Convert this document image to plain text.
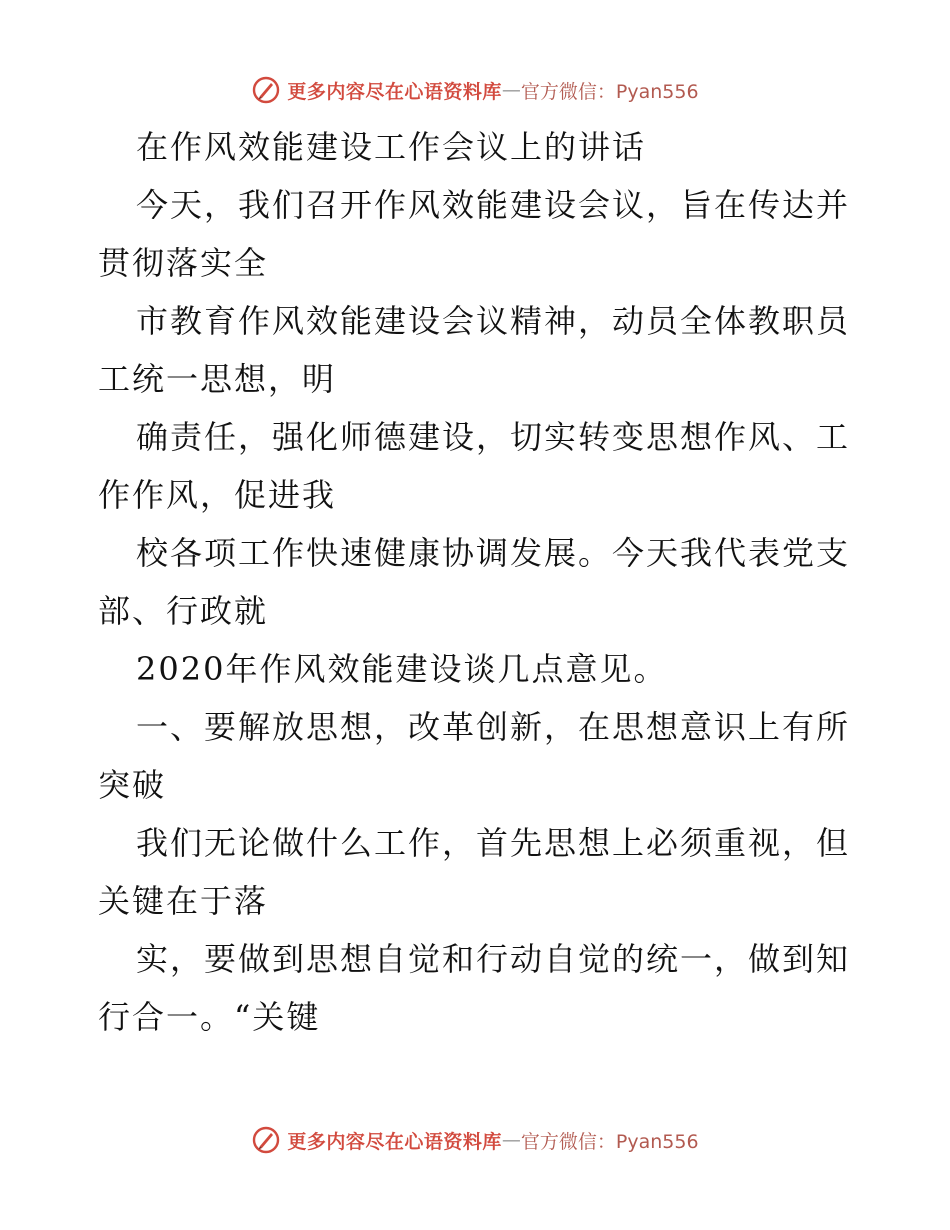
更多内容尽在心语资料库 — 官方微信：Pyan556
在作风效能建设工作会议上的讲话
今天，我们召开作风效能建设会议，旨在传达并
贯彻落实全
市教育作风效能建设会议精神，动员全体教职员
工统一思想，明
确责任，强化师德建设，切实转变思想作风、工
作作风，促进我
校各项工作快速健康协调发展。今天我代表党支
部、行政就
2020年作风效能建设谈几点意见。
一、要解放思想，改革创新，在思想意识上有所
突破
我们无论做什么工作，首先思想上必须重视，但
关键在于落
实，要做到思想自觉和行动自觉的统一，做到知
行合一。“关键
更多内容尽在心语资料库 — 官方微信：Pyan556
